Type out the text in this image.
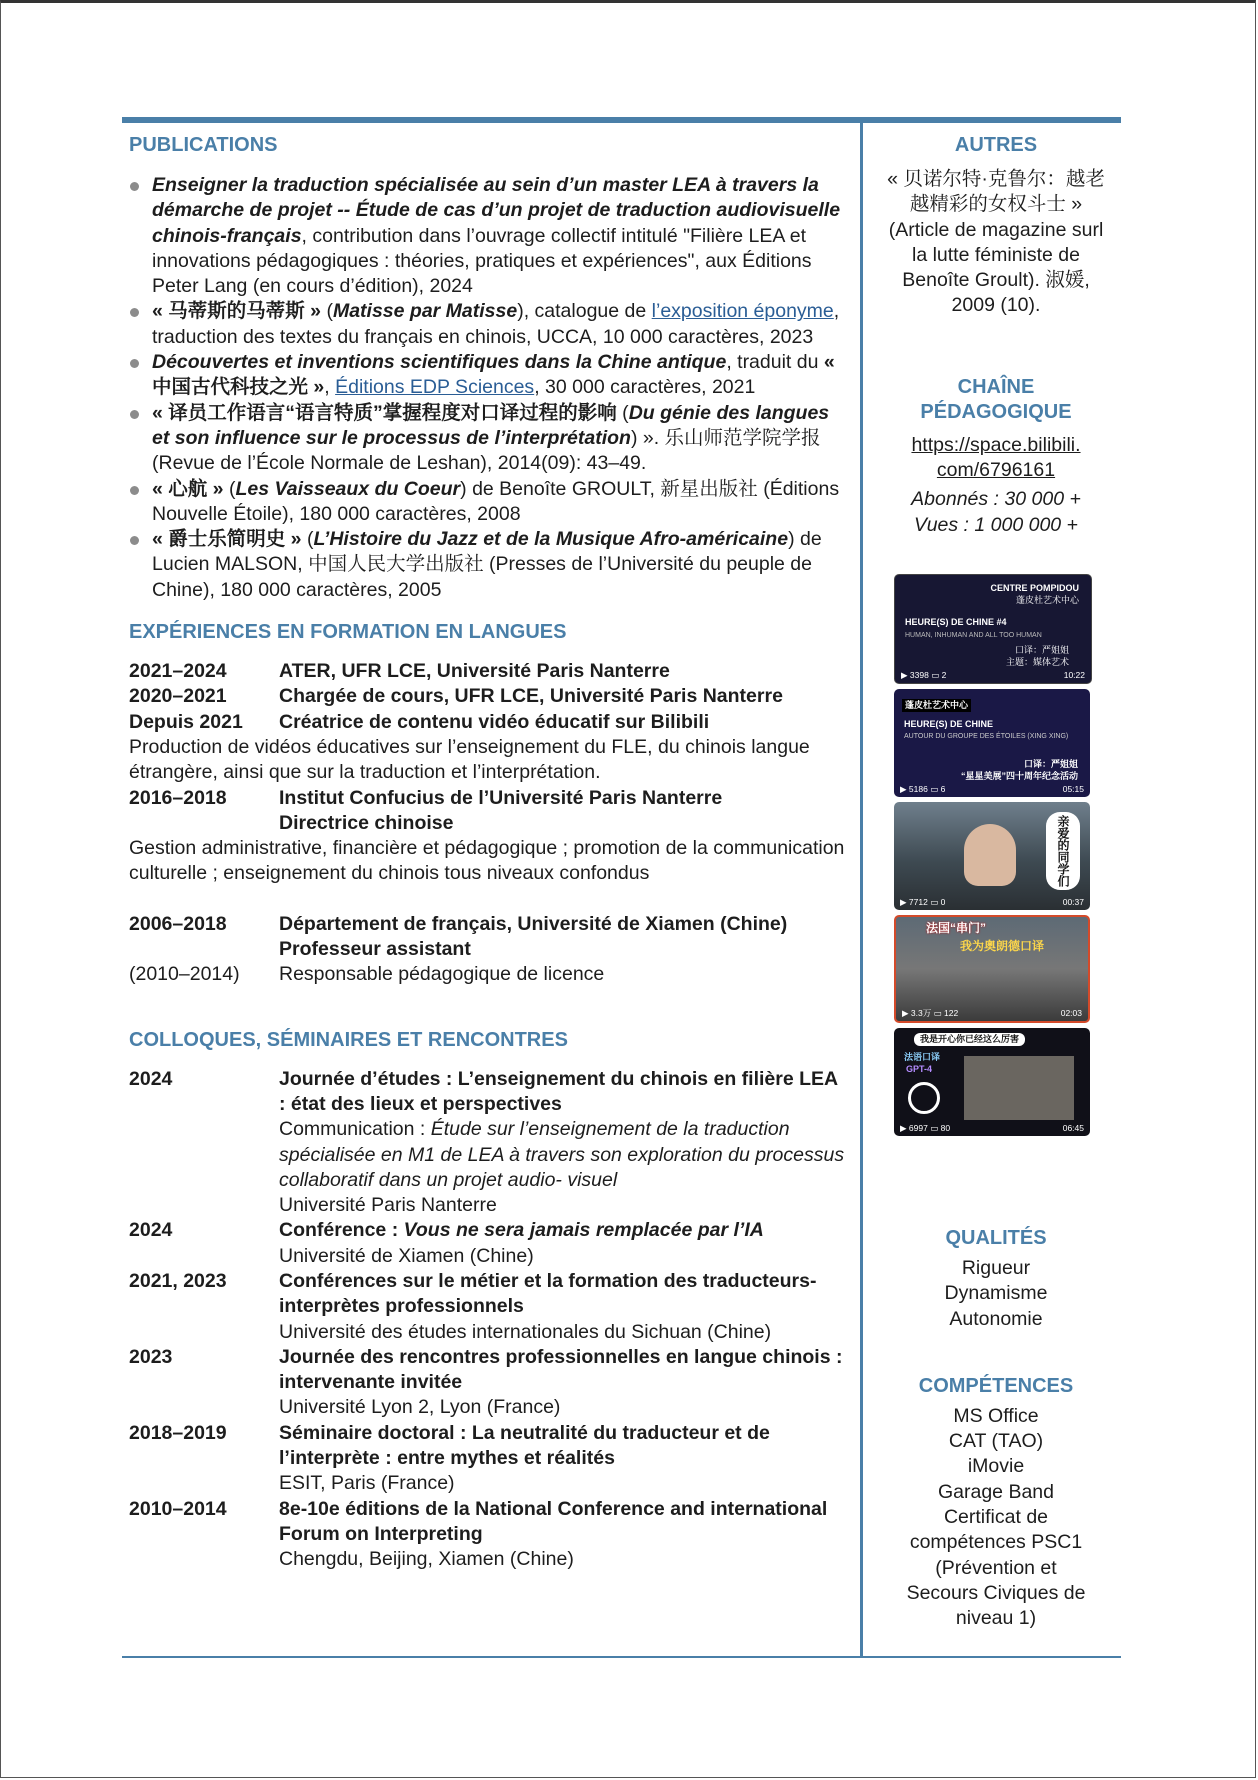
PUBLICATIONS
Enseigner la traduction spécialisée au sein d’un master LEA à travers la démarche de projet -- Étude de cas d’un projet de traduction audiovisuelle chinois-français, contribution dans l’ouvrage collectif intitulé "Filière LEA et innovations pédagogiques : théories, pratiques et expériences", aux Éditions Peter Lang (en cours d’édition), 2024
« 马蒂斯的马蒂斯 » (Matisse par Matisse), catalogue de l’exposition éponyme, traduction des textes du français en chinois, UCCA, 10 000 caractères, 2023
Découvertes et inventions scientifiques dans la Chine antique, traduit du « 中国古代科技之光 », Éditions EDP Sciences, 30 000 caractères, 2021
« 译员工作语言“语言特质”掌握程度对口译过程的影响 (Du génie des langues et son influence sur le processus de l’interprétation) ». 乐山师范学院学报 (Revue de l’École Normale de Leshan), 2014(09): 43–49.
« 心航 » (Les Vaisseaux du Coeur) de Benoîte GROULT, 新星出版社 (Éditions Nouvelle Étoile), 180 000 caractères, 2008
« 爵士乐简明史 » (L’Histoire du Jazz et de la Musique Afro-américaine) de Lucien MALSON, 中国人民大学出版社 (Presses de l’Université du peuple de Chine), 180 000 caractères, 2005
EXPÉRIENCES EN FORMATION EN LANGUES
2021–2024	ATER, UFR LCE, Université Paris Nanterre
2020–2021	Chargée de cours, UFR LCE, Université Paris Nanterre
Depuis 2021	Créatrice de contenu vidéo éducatif sur Bilibili
Production de vidéos éducatives sur l’enseignement du FLE, du chinois langue étrangère, ainsi que sur la traduction et l’interprétation.
2016–2018	Institut Confucius de l’Université Paris Nanterre
Directrice chinoise
Gestion administrative, financière et pédagogique ; promotion de la communication culturelle ; enseignement du chinois tous niveaux confondus
2006–2018	Département de français, Université de Xiamen (Chine)
Professeur assistant
(2010–2014)	Responsable pédagogique de licence
COLLOQUES, SÉMINAIRES ET RENCONTRES
2024	Journée d’études : L’enseignement du chinois en filière LEA : état des lieux et perspectives
Communication : Étude sur l’enseignement de la traduction spécialisée en M1 de LEA à travers son exploration du processus collaboratif dans un projet audio- visuel
Université Paris Nanterre
2024	Conférence : Vous ne sera jamais remplacée par l’IA
Université de Xiamen (Chine)
2021, 2023	Conférences sur le métier et la formation des traducteurs-interprètes professionnels
Université des études internationales du Sichuan (Chine)
2023	Journée des rencontres professionnelles en langue chinois : intervenante invitée
Université Lyon 2, Lyon (France)
2018–2019	Séminaire doctoral : La neutralité du traducteur et de l’interprète : entre mythes et réalités
ESIT, Paris (France)
2010–2014	8e-10e éditions de la National Conference and international Forum on Interpreting
Chengdu, Beijing, Xiamen (Chine)
AUTRES

« 贝诺尔特·克鲁尔：越老越精彩的女权斗士 »

(Article de magazine surl la lutte féministe de Benoîte Groult). 淑媛, 2009 (10).

CHAÎNE PÉDAGOGIQUE

https://space.bilibili.com/6796161

Abonnés : 30 000 +

Vues : 1 000 000 +

CENTRE POMPIDOU
蓬皮杜艺术中心
HEURE(S) DE CHINE #4
HUMAN, INHUMAN AND ALL TOO HUMAN
口译：严姐姐
主题：媒体艺术
▶ 3398 ▭ 2	10:22
蓬皮杜艺术中心
HEURE(S) DE CHINE
AUTOUR DU GROUPE DES ÉTOILES (XING XING)
口译：严姐姐
“星星美展”四十周年纪念活动
▶ 5186 ▭ 6	05:15
亲爱的同学们
▶ 7712 ▭ 0	00:37
法国“串门”
我为奥朗德口译
▶ 3.3万 ▭ 122	02:03
我是开心你已经这么厉害
法语口译
GPT-4
▶ 6997 ▭ 80	06:45
QUALITÉS

Rigueur

Dynamisme

Autonomie

COMPÉTENCES

MS Office

CAT (TAO)

iMovie

Garage Band

Certificat de compétences PSC1 (Prévention et Secours Civiques de niveau 1)
